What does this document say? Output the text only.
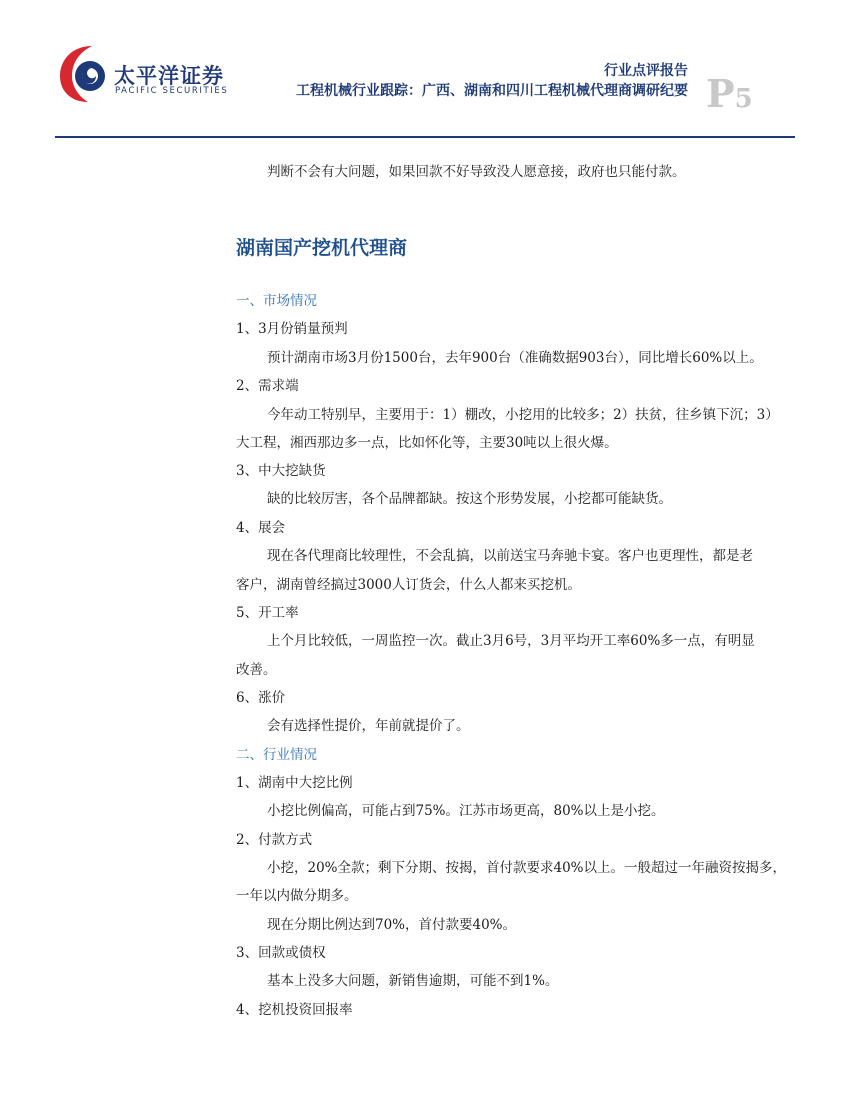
太平洋证券
PACIFIC SECURITIES
行业点评报告
工程机械行业跟踪：广西、湖南和四川工程机械代理商调研纪要 P5
判断不会有大问题，如果回款不好导致没人愿意接，政府也只能付款。
湖南国产挖机代理商
一、市场情况
1、3月份销量预判
预计湖南市场3月份1500台，去年900台（准确数据903台），同比增长60%以上。
2、需求端
今年动工特别早，主要用于：1）棚改，小挖用的比较多；2）扶贫，往乡镇下沉；3）
大工程，湘西那边多一点，比如怀化等，主要30吨以上很火爆。
3、中大挖缺货
缺的比较厉害，各个品牌都缺。按这个形势发展，小挖都可能缺货。
4、展会
现在各代理商比较理性，不会乱搞，以前送宝马奔驰卡宴。客户也更理性，都是老
客户，湖南曾经搞过3000人订货会，什么人都来买挖机。
5、开工率
上个月比较低，一周监控一次。截止3月6号，3月平均开工率60%多一点，有明显
改善。
6、涨价
会有选择性提价，年前就提价了。
二、行业情况
1、湖南中大挖比例
小挖比例偏高，可能占到75%。江苏市场更高，80%以上是小挖。
2、付款方式
小挖，20%全款；剩下分期、按揭，首付款要求40%以上。一般超过一年融资按揭多，
一年以内做分期多。
现在分期比例达到70%，首付款要40%。
3、回款或债权
基本上没多大问题，新销售逾期，可能不到1%。
4、挖机投资回报率
